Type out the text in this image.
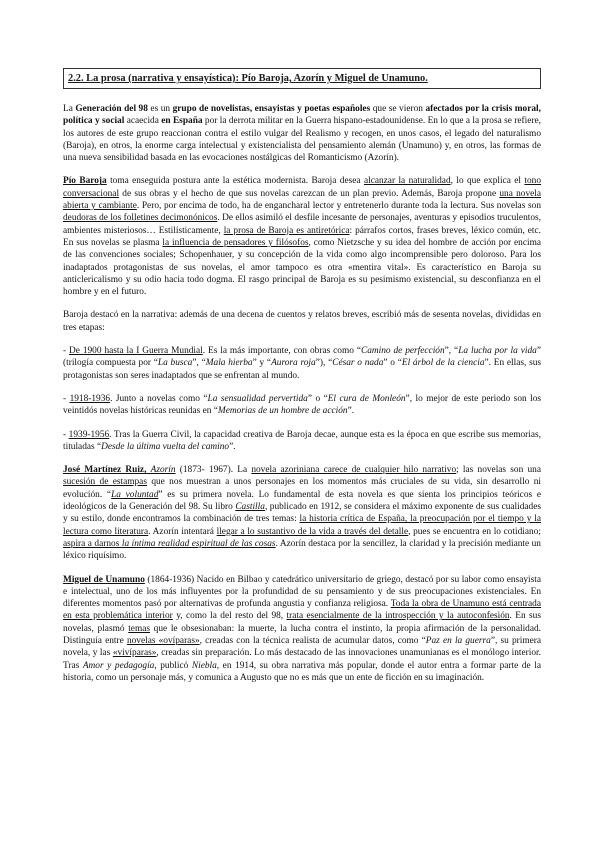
2.2. La prosa (narrativa y ensayística): Pío Baroja, Azorín y Miguel de Unamuno.

La Generación del 98 es un grupo de novelistas, ensayistas y poetas españoles que se vieron afectados por la crisis moral, política y social acaecida en España por la derrota militar en la Guerra hispano-estadounidense. En lo que a la prosa se refiere, los autores de este grupo reaccionan contra el estilo vulgar del Realismo y recogen, en unos casos, el legado del naturalismo (Baroja), en otros, la enorme carga intelectual y existencialista del pensamiento alemán (Unamuno) y, en otros, las formas de una nueva sensibilidad basada en las evocaciones nostálgicas del Romanticismo (Azorín).

Pío Baroja toma enseguida postura ante la estética modernista. Baroja desea alcanzar la naturalidad, lo que explica el tono conversacional de sus obras y el hecho de que sus novelas carezcan de un plan previo. Además, Baroja propone una novela abierta y cambiante. Pero, por encima de todo, ha de engancharal lector y entretenerlo durante toda la lectura. Sus novelas son deudoras de los folletines decimonónicos. De ellos asimiló el desfile incesante de personajes, aventuras y episodios truculentos, ambientes misteriosos… Estilísticamente, la prosa de Baroja es antiretórica: párrafos cortos, frases breves, léxico común, etc. En sus novelas se plasma la influencia de pensadores y filósofos, como Nietzsche y su idea del hombre de acción por encima de las convenciones sociales; Schopenhauer, y su concepción de la vida como algo incomprensible pero doloroso. Para los inadaptados protagonistas de sus novelas, el amor tampoco es otra «mentira vital». Es característico en Baroja su anticlericalismo y su odio hacia todo dogma. El rasgo principal de Baroja es su pesimismo existencial, su desconfianza en el hombre y en el futuro.

Baroja destacó en la narrativa: además de una decena de cuentos y relatos breves, escribió más de sesenta novelas, divididas en tres etapas:

- De 1900 hasta la I Guerra Mundial. Es la más importante, con obras como “Camino de perfección”, “La lucha por la vida” (trilogía compuesta por “La busca”, “Mala hierba” y “Aurora roja”), “César o nada” o “El árbol de la ciencia”. En ellas, sus protagonistas son seres inadaptados que se enfrentan al mundo.

- 1918-1936. Junto a novelas como “La sensualidad pervertida” o “El cura de Monleón”, lo mejor de este periodo son los veintidós novelas históricas reunidas en “Memorias de un hombre de acción”.

- 1939-1956. Tras la Guerra Civil, la capacidad creativa de Baroja decae, aunque esta es la época en que escribe sus memorias, tituladas “Desde la última vuelta del camino”.

José Martínez Ruiz, Azorín (1873- 1967). La novela azoriniana carece de cualquier hilo narrativo; las novelas son una sucesión de estampas que nos muestran a unos personajes en los momentos más cruciales de su vida, sin desarrollo ni evolución. “La voluntad” es su primera novela. Lo fundamental de esta novela es que sienta los principios teóricos e ideológicos de la Generación del 98. Su libro Castilla, publicado en 1912, se considera el máximo exponente de sus cualidades y su estilo, donde encontramos la combinación de tres temas: la historia crítica de España, la preocupación por el tiempo y la lectura como literatura. Azorín intentará llegar a lo sustantivo de la vida a través del detalle, pues se encuentra en lo cotidiano; aspira a darnos la íntima realidad espiritual de las cosas. Azorín destaca por la sencillez, la claridad y la precisión mediante un léxico riquísimo.

Miguel de Unamuno (1864-1936) Nacido en Bilbao y catedrático universitario de griego, destacó por su labor como ensayista e intelectual, uno de los más influyentes por la profundidad de su pensamiento y de sus preocupaciones existenciales. En diferentes momentos pasó por alternativas de profunda angustia y confianza religiosa. Toda la obra de Unamuno está centrada en esta problemática interior y, como la del resto del 98, trata esencialmente de la introspección y la autoconfesión. En sus novelas, plasmó temas que le obsesionaban: la muerte, la lucha contra el instinto, la propia afirmación de la personalidad. Distinguía entre novelas «ovíparas», creadas con la técnica realista de acumular datos, como “Paz en la guerra”, su primera novela, y las «vivíparas», creadas sin preparación. Lo más destacado de las innovaciones unamunianas es el monólogo interior. Tras Amor y pedagogía, publicó Niebla, en 1914, su obra narrativa más popular, donde el autor entra a formar parte de la historia, como un personaje más, y comunica a Augusto que no es más que un ente de ficción en su imaginación.
